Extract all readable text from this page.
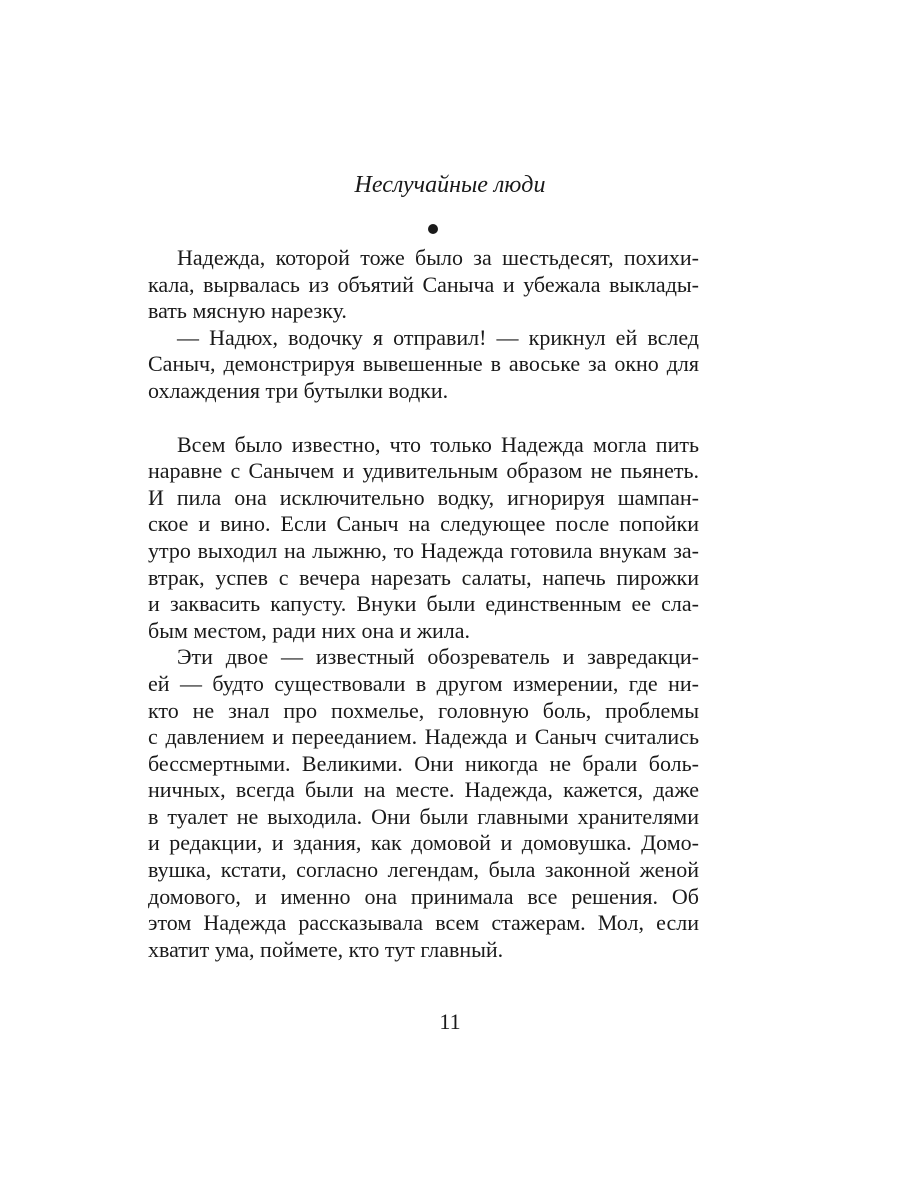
Неслучайные люди
Надежда, которой тоже было за шестьдесят, похихи-
кала, вырвалась из объятий Саныча и убежала выклады-
вать мясную нарезку.
— Надюх, водочку я отправил! — крикнул ей вслед
Саныч, демонстрируя вывешенные в авоське за окно для
охлаждения три бутылки водки.
Всем было известно, что только Надежда могла пить
наравне с Санычем и удивительным образом не пьянеть.
И пила она исключительно водку, игнорируя шампан-
ское и вино. Если Саныч на следующее после попойки
утро выходил на лыжню, то Надежда готовила внукам за-
втрак, успев с вечера нарезать салаты, напечь пирожки
и заквасить капусту. Внуки были единственным ее сла-
бым местом, ради них она и жила.
Эти двое — известный обозреватель и завредакци-
ей — будто существовали в другом измерении, где ни-
кто не знал про похмелье, головную боль, проблемы
с давлением и перееданием. Надежда и Саныч считались
бессмертными. Великими. Они никогда не брали боль-
ничных, всегда были на месте. Надежда, кажется, даже
в туалет не выходила. Они были главными хранителями
и редакции, и здания, как домовой и домовушка. Домо-
вушка, кстати, согласно легендам, была законной женой
домового, и именно она принимала все решения. Об
этом Надежда рассказывала всем стажерам. Мол, если
хватит ума, поймете, кто тут главный.
11
